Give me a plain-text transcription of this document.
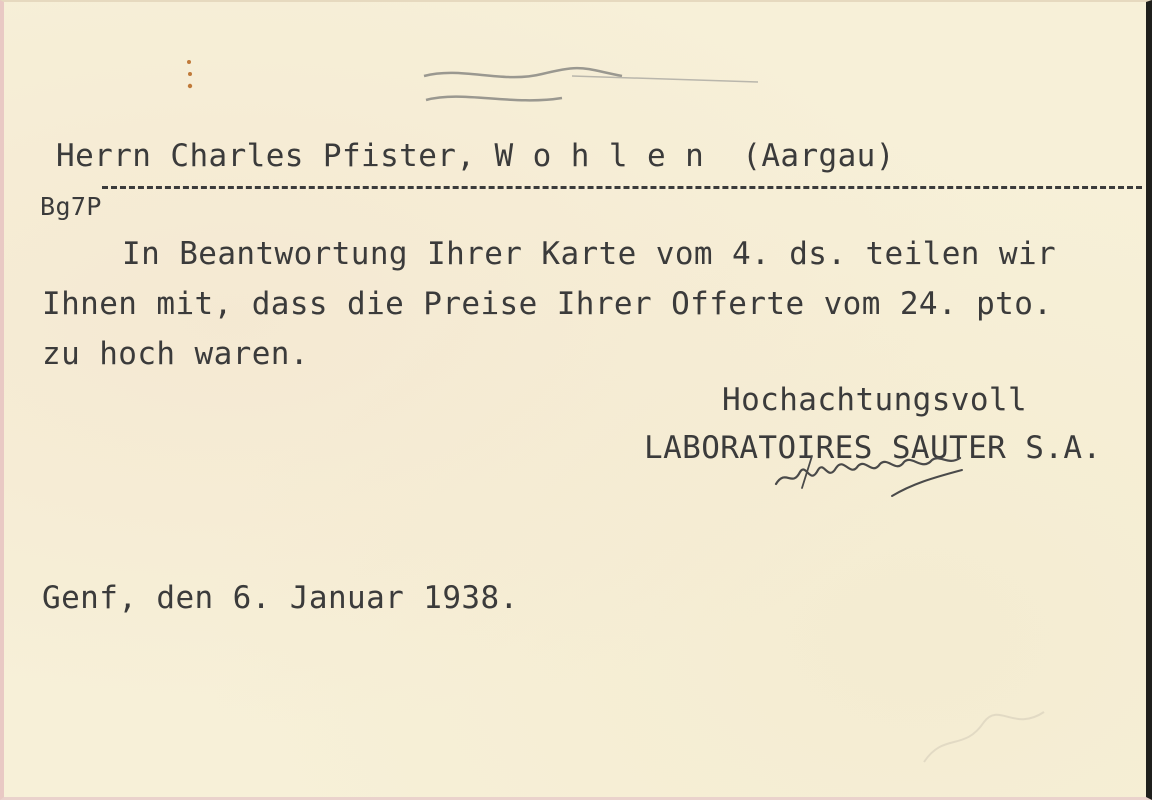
Herrn Charles Pfister, W o h l e n  (Aargau)
Bg7P
In Beantwortung Ihrer Karte vom 4. ds. teilen wir
Ihnen mit, dass die Preise Ihrer Offerte vom 24. pto.
zu hoch waren.
Hochachtungsvoll
LABORATOIRES SAUTER S.A.
Genf, den 6. Januar 1938.
